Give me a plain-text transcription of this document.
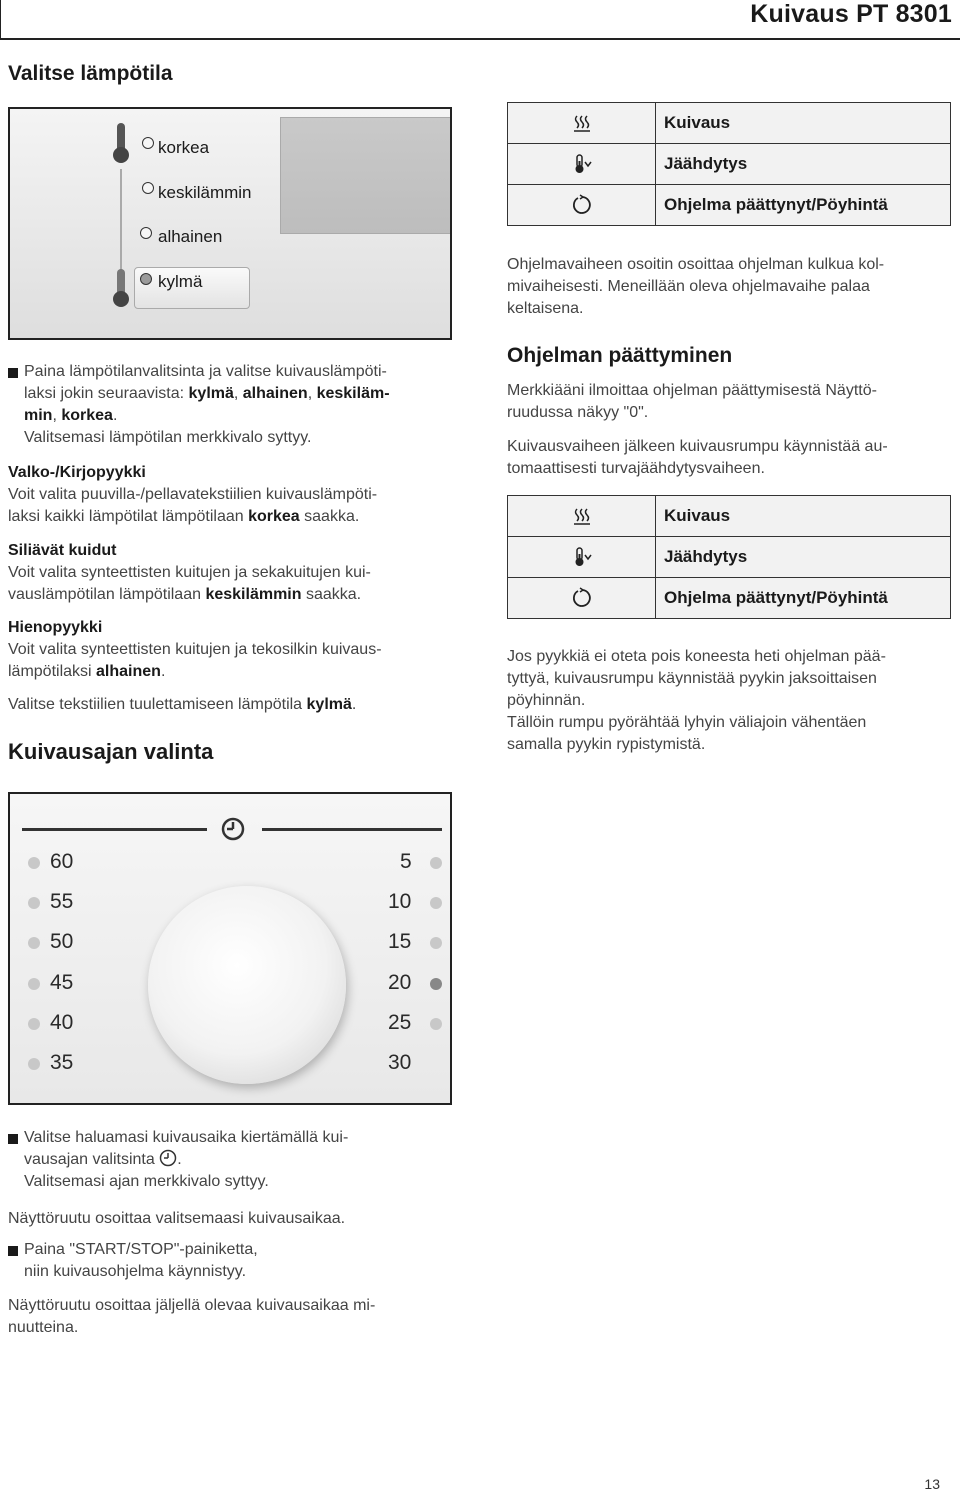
Kuivaus PT 8301
Valitse lämpötila
korkea
keskilämmin
alhainen
kylmä

Paina lämpötilanvalitsinta ja valitse kuivauslämpöti-
laksi jokin seuraavista: kylmä, alhainen, keskiläm-
min, korkea.
Valitsemasi lämpötilan merkkivalo syttyy.

Valko-/Kirjopyykki

Voit valita puuvilla-/pellavatekstiilien kuivauslämpöti-
laksi kaikki lämpötilat lämpötilaan korkea saakka.

Siliävät kuidut

Voit valita synteettisten kuitujen ja sekakuitujen kui-
vauslämpötilan lämpötilaan keskilämmin saakka.

Hienopyykki

Voit valita synteettisten kuitujen ja tekosilkin kuivaus-
lämpötilaksi alhainen.

Valitse tekstiilien tuulettamiseen lämpötila kylmä.

Kuivausajan valinta
60
55
50
45
40
35
5
10
15
20
25
30

Valitse haluamasi kuivausaika kiertämällä kui-
vausajan valitsinta .
Valitsemasi ajan merkkivalo syttyy.

Näyttöruutu osoittaa valitsemaasi kuivausaikaa.

Paina "START/STOP"-painiketta,
niin kuivausohjelma käynnistyy.

Näyttöruutu osoittaa jäljellä olevaa kuivausaikaa mi-
nuutteina.

Kuivaus
Jäähdytys
Ohjelma päättynyt/Pöyhintä

Ohjelmavaiheen osoitin osoittaa ohjelman kulkua kol-
mivaiheisesti. Meneillään oleva ohjelmavaihe palaa
keltaisena.

Ohjelman päättyminen

Merkkiääni ilmoittaa ohjelman päättymisestä Näyttö-
ruudussa näkyy "0".

Kuivausvaiheen jälkeen kuivausrumpu käynnistää au-
tomaattisesti turvajäähdytysvaiheen.

Kuivaus
Jäähdytys
Ohjelma päättynyt/Pöyhintä

Jos pyykkiä ei oteta pois koneesta heti ohjelman pää-
tyttyä, kuivausrumpu käynnistää pyykin jaksoittaisen
pöyhinnän.
Tällöin rumpu pyörähtää lyhyin väliajoin vähentäen
samalla pyykin rypistymistä.

13
